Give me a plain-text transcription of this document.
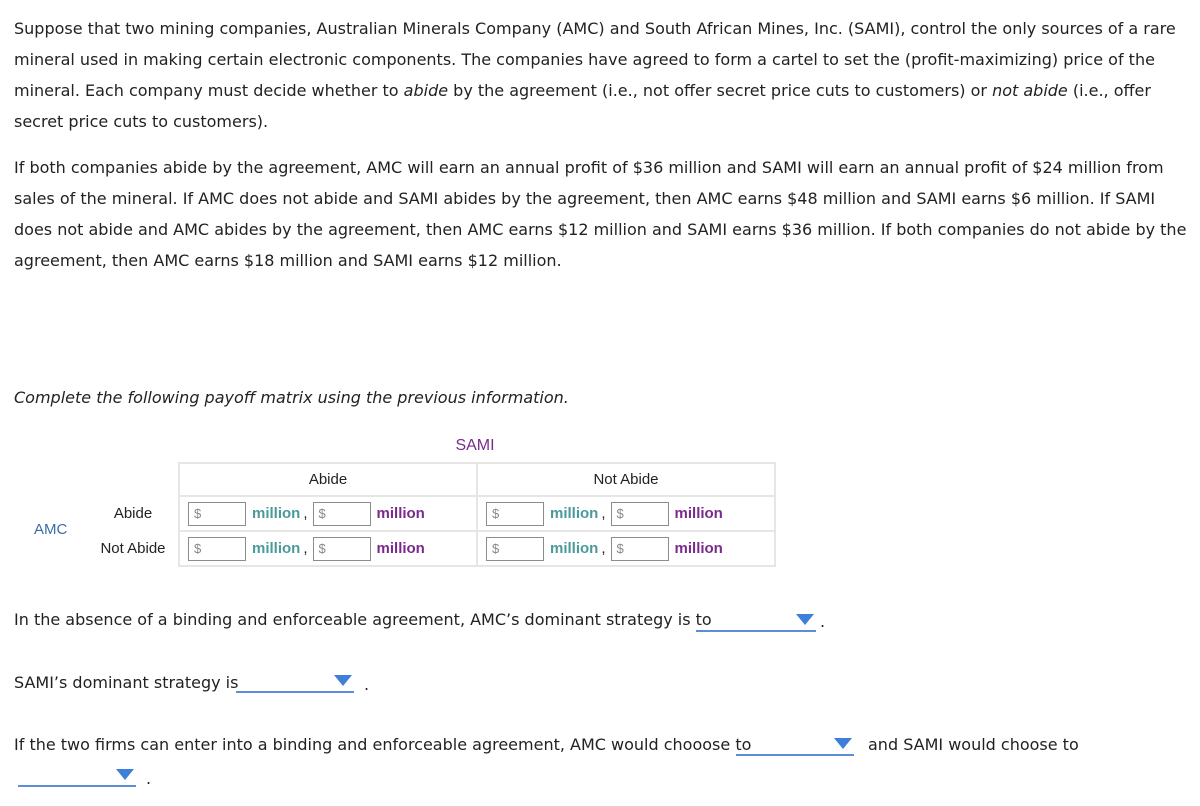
Suppose that two mining companies, Australian Minerals Company (AMC) and South African Mines, Inc. (SAMI), control the only sources of a rare mineral used in making certain electronic components. The companies have agreed to form a cartel to set the (profit-maximizing) price of the mineral. Each company must decide whether to abide by the agreement (i.e., not offer secret price cuts to customers) or not abide (i.e., offer secret price cuts to customers).

If both companies abide by the agreement, AMC will earn an annual profit of $36 million and SAMI will earn an annual profit of $24 million from sales of the mineral. If AMC does not abide and SAMI abides by the agreement, then AMC earns $48 million and SAMI earns $6 million. If SAMI does not abide and AMC abides by the agreement, then AMC earns $12 million and SAMI earns $36 million. If both companies do not abide by the agreement, then AMC earns $18 million and SAMI earns $12 million.

Complete the following payoff matrix using the previous information.
SAMI
AMC
	Abide	Not Abide
Abide	$ million , $ million	$ million , $ million
Not Abide	$ million , $ million	$ million , $ million
In the absence of a binding and enforceable agreement, AMC’s dominant strategy is to	.
SAMI’s dominant strategy is	.
If the two firms can enter into a binding and enforceable agreement, AMC would chooose to	and SAMI would choose to
.
